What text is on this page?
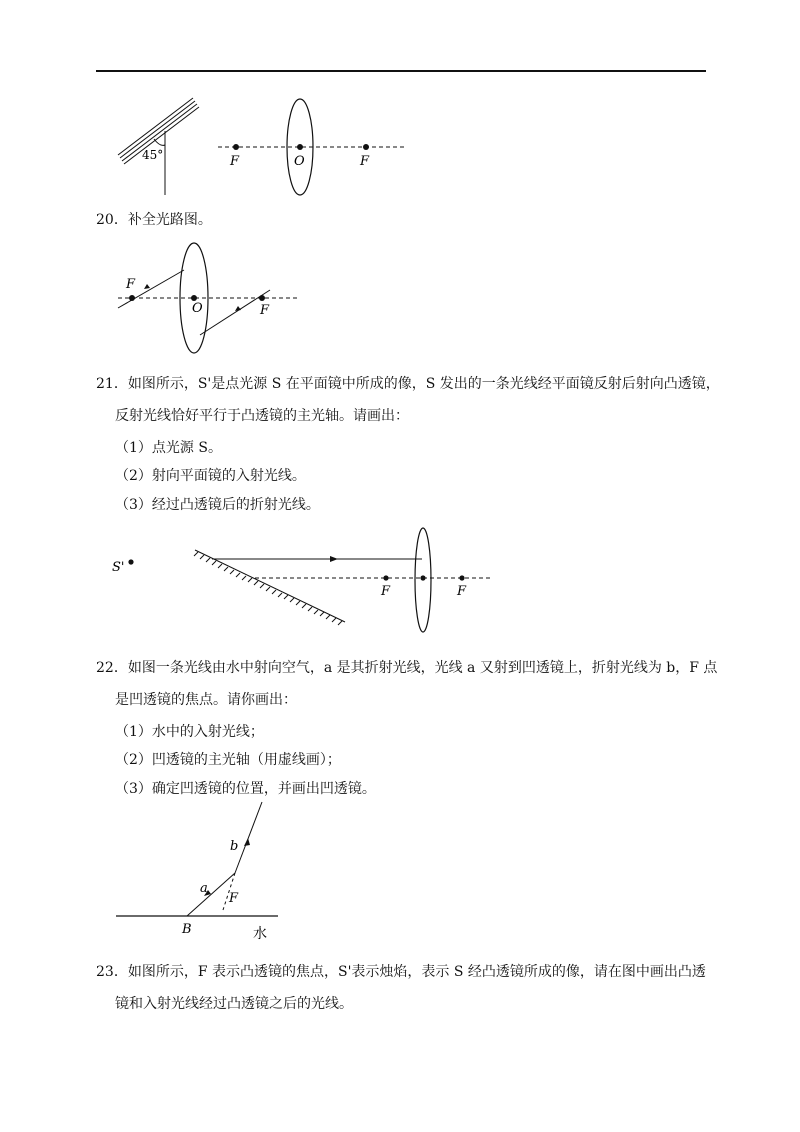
45°	F	O	F
20．补全光路图。
F
O	F
21．如图所示，S'是点光源 S 在平面镜中所成的像，S 发出的一条光线经平面镜反射后射向凸透镜，
反射光线恰好平行于凸透镜的主光轴。请画出：
（1）点光源 S。
（2）射向平面镜的入射光线。
（3）经过凸透镜后的折射光线。
S'
F	F
22．如图一条光线由水中射向空气，a 是其折射光线，光线 a 又射到凹透镜上，折射光线为 b，F 点
是凹透镜的焦点。请你画出：
（1）水中的入射光线；
（2）凹透镜的主光轴（用虚线画）；
（3）确定凹透镜的位置，并画出凹透镜。
b
a
F
B	水
23．如图所示，F 表示凸透镜的焦点，S'表示烛焰，表示 S 经凸透镜所成的像，请在图中画出凸透
镜和入射光线经过凸透镜之后的光线。
